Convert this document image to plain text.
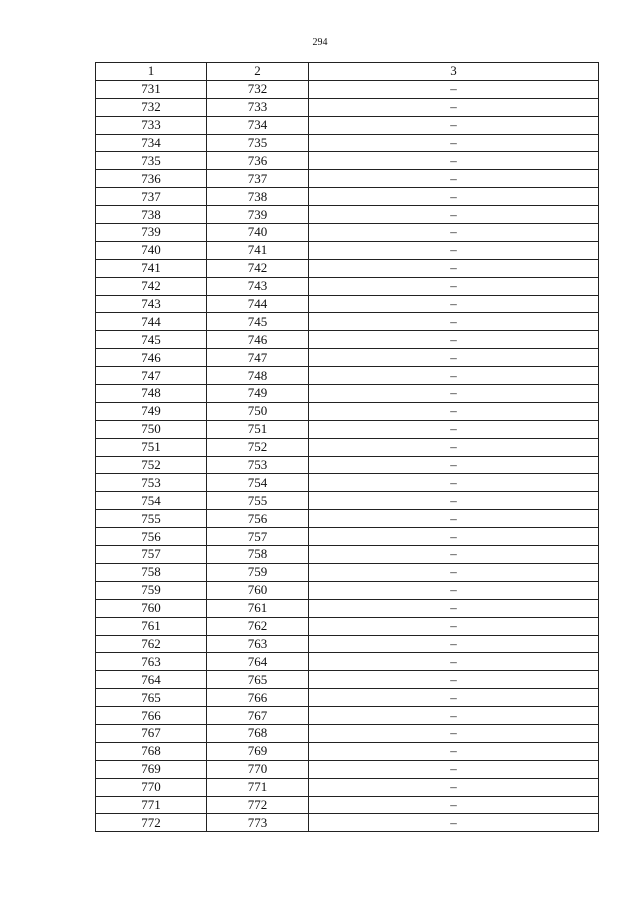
294
1	2	3
731	732	–
732	733	–
733	734	–
734	735	–
735	736	–
736	737	–
737	738	–
738	739	–
739	740	–
740	741	–
741	742	–
742	743	–
743	744	–
744	745	–
745	746	–
746	747	–
747	748	–
748	749	–
749	750	–
750	751	–
751	752	–
752	753	–
753	754	–
754	755	–
755	756	–
756	757	–
757	758	–
758	759	–
759	760	–
760	761	–
761	762	–
762	763	–
763	764	–
764	765	–
765	766	–
766	767	–
767	768	–
768	769	–
769	770	–
770	771	–
771	772	–
772	773	–
